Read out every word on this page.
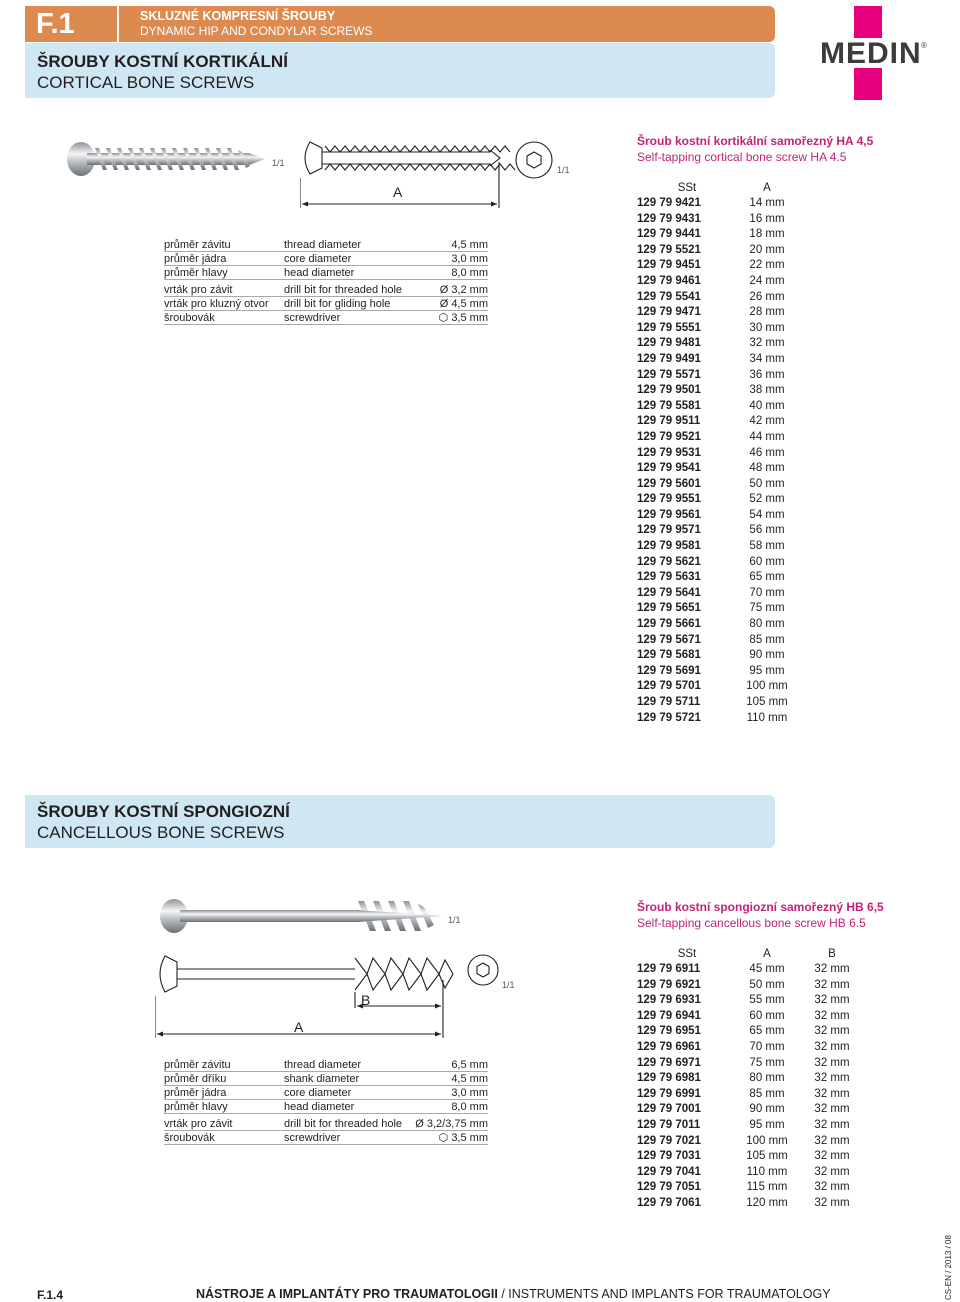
F.1	SKLUZNÉ KOMPRESNÍ ŠROUBY
DYNAMIC HIP AND CONDYLAR SCREWS
ŠROUBY KOSTNÍ KORTIKÁLNÍ
CORTICAL BONE SCREWS
MEDIN ®
1/1
A
1/1
průměr závitu	thread diameter	4,5 mm
průměr jádra	core diameter	3,0 mm
průměr hlavy	head diameter	8,0 mm
vrták pro závit	drill bit for threaded hole	Ø 3,2 mm
vrták pro kluzný otvor	drill bit for gliding hole	Ø 4,5 mm
šroubovák	screwdriver	⬡ 3,5 mm
Šroub kostní kortikální samořezný HA 4,5
Self-tapping cortical bone screw HA 4.5
SSt	A
129 79 9421	14 mm
129 79 9431	16 mm
129 79 9441	18 mm
129 79 5521	20 mm
129 79 9451	22 mm
129 79 9461	24 mm
129 79 5541	26 mm
129 79 9471	28 mm
129 79 5551	30 mm
129 79 9481	32 mm
129 79 9491	34 mm
129 79 5571	36 mm
129 79 9501	38 mm
129 79 5581	40 mm
129 79 9511	42 mm
129 79 9521	44 mm
129 79 9531	46 mm
129 79 9541	48 mm
129 79 5601	50 mm
129 79 9551	52 mm
129 79 9561	54 mm
129 79 9571	56 mm
129 79 9581	58 mm
129 79 5621	60 mm
129 79 5631	65 mm
129 79 5641	70 mm
129 79 5651	75 mm
129 79 5661	80 mm
129 79 5671	85 mm
129 79 5681	90 mm
129 79 5691	95 mm
129 79 5701	100 mm
129 79 5711	105 mm
129 79 5721	110 mm
ŠROUBY KOSTNÍ SPONGIOZNÍ
CANCELLOUS BONE SCREWS
1/1
B
A
1/1
průměr závitu	thread diameter	6,5 mm
průměr dříku	shank diameter	4,5 mm
průměr jádra	core diameter	3,0 mm
průměr hlavy	head diameter	8,0 mm
vrták pro závit	drill bit for threaded hole	Ø 3,2/3,75 mm
šroubovák	screwdriver	⬡ 3,5 mm
Šroub kostní spongiozní samořezný HB 6,5
Self-tapping cancellous bone screw HB 6.5
SSt	A	B
129 79 6911	45 mm	32 mm
129 79 6921	50 mm	32 mm
129 79 6931	55 mm	32 mm
129 79 6941	60 mm	32 mm
129 79 6951	65 mm	32 mm
129 79 6961	70 mm	32 mm
129 79 6971	75 mm	32 mm
129 79 6981	80 mm	32 mm
129 79 6991	85 mm	32 mm
129 79 7001	90 mm	32 mm
129 79 7011	95 mm	32 mm
129 79 7021	100 mm	32 mm
129 79 7031	105 mm	32 mm
129 79 7041	110 mm	32 mm
129 79 7051	115 mm	32 mm
129 79 7061	120 mm	32 mm
F.1.4	NÁSTROJE A IMPLANTÁTY PRO TRAUMATOLOGII / INSTRUMENTS AND IMPLANTS FOR TRAUMATOLOGY	CS-EN / 2013 / 08
